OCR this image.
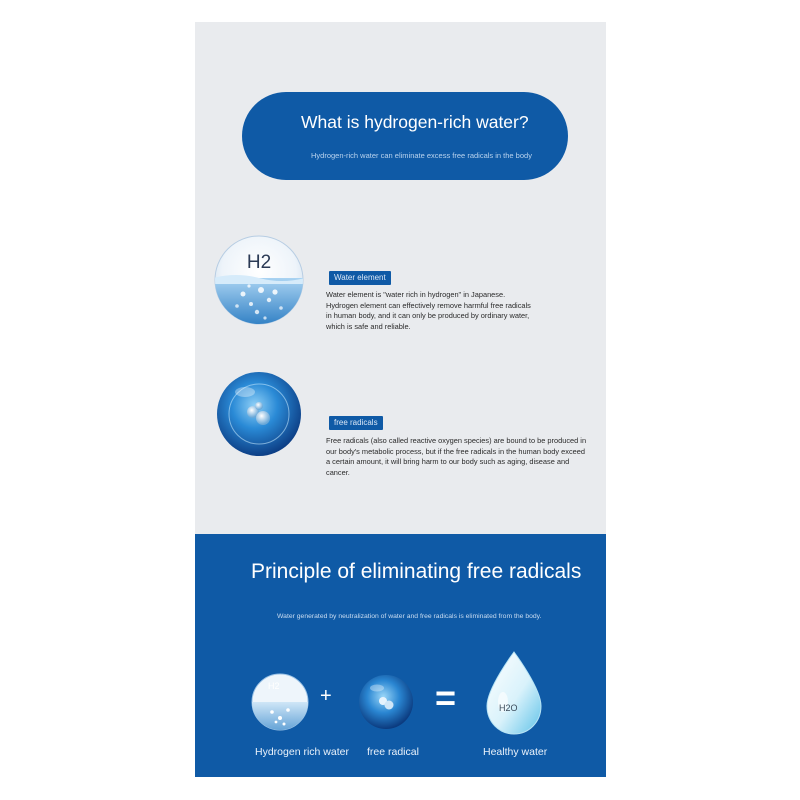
What is hydrogen-rich water?
Hydrogen-rich water can eliminate excess free radicals in the body
H2
Water element
Water element is "water rich in hydrogen" in Japanese. Hydrogen element can effectively remove harmful free radicals in human body, and it can only be produced by ordinary water, which is safe and reliable.
free radicals
Free radicals (also called reactive oxygen species) are bound to be produced in our body's metabolic process, but if the free radicals in the human body exceed a certain amount, it will bring harm to our body such as aging, disease and cancer.
Principle of eliminating free radicals
Water generated by neutralization of water and free radicals is eliminated from the body.
H2
Hydrogen rich water
+
free radical
=	H2O
Healthy water
